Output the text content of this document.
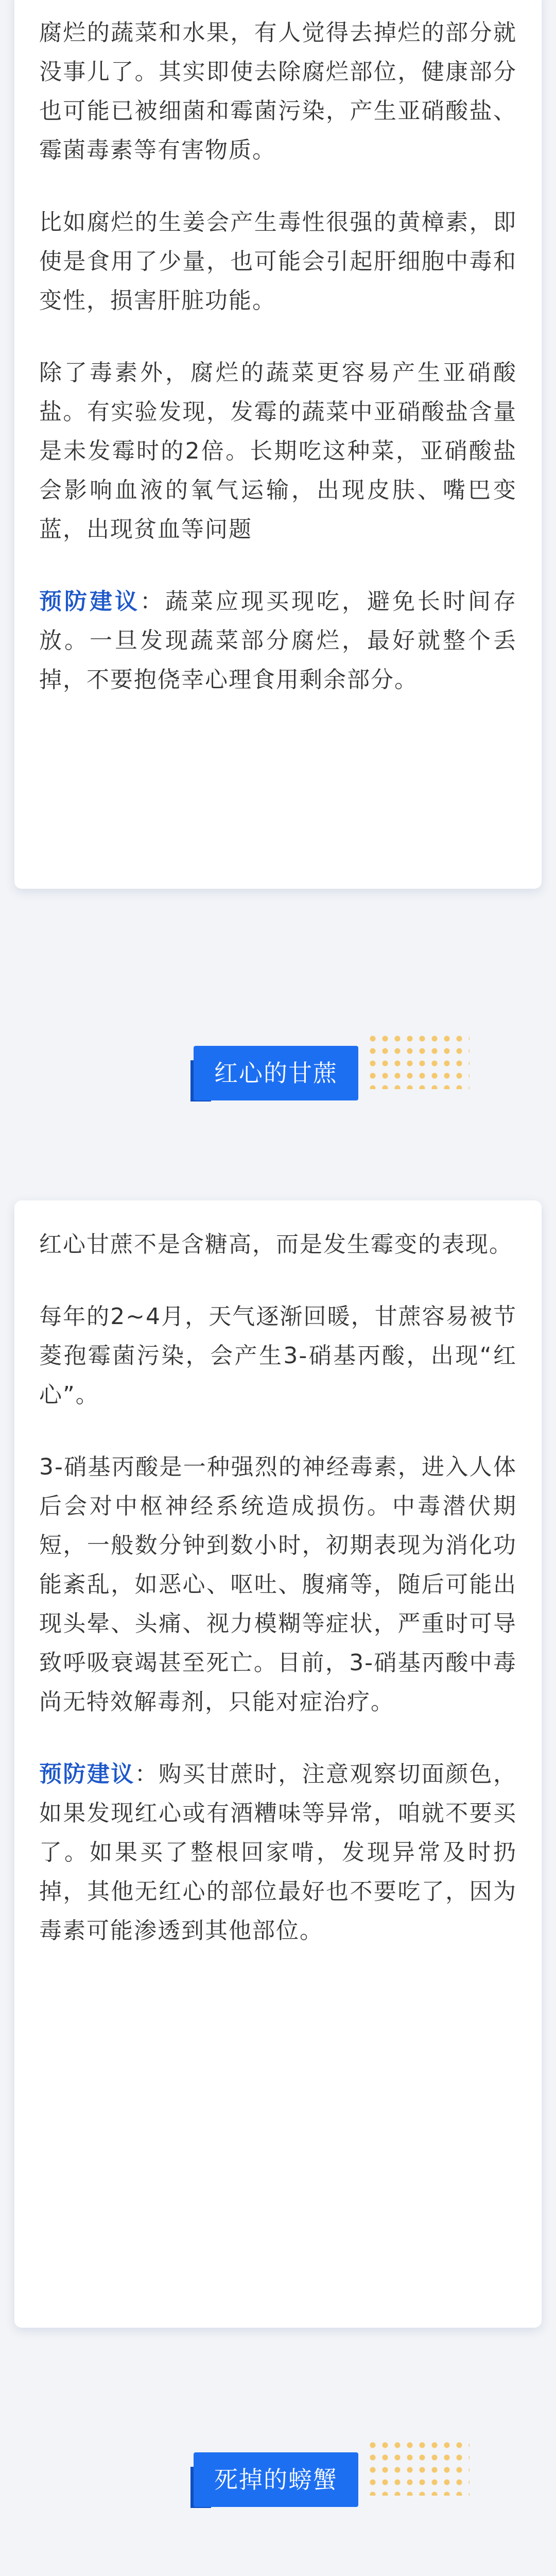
腐烂的蔬菜和水果，有人觉得去掉烂的部分就没事儿了。其实即使去除腐烂部位，健康部分也可能已被细菌和霉菌污染，产生亚硝酸盐、霉菌毒素等有害物质。

比如腐烂的生姜会产生毒性很强的黄樟素，即使是食用了少量，也可能会引起肝细胞中毒和变性，损害肝脏功能。

除了毒素外，腐烂的蔬菜更容易产生亚硝酸盐。有实验发现，发霉的蔬菜中亚硝酸盐含量是未发霉时的2倍。长期吃这种菜，亚硝酸盐会影响血液的氧气运输，出现皮肤、嘴巴变蓝，出现贫血等问题

预防建议：蔬菜应现买现吃，避免长时间存放。一旦发现蔬菜部分腐烂，最好就整个丢掉，不要抱侥幸心理食用剩余部分。

红心的甘蔗

红心甘蔗不是含糖高，而是发生霉变的表现。

每年的2~4月，天气逐渐回暖，甘蔗容易被节菱孢霉菌污染，会产生3-硝基丙酸，出现“红心”。

3-硝基丙酸是一种强烈的神经毒素，进入人体后会对中枢神经系统造成损伤。中毒潜伏期短，一般数分钟到数小时，初期表现为消化功能紊乱，如恶心、呕吐、腹痛等，随后可能出现头晕、头痛、视力模糊等症状，严重时可导致呼吸衰竭甚至死亡。目前，3-硝基丙酸中毒尚无特效解毒剂，只能对症治疗。

预防建议：购买甘蔗时，注意观察切面颜色，如果发现红心或有酒糟味等异常，咱就不要买了。如果买了整根回家啃，发现异常及时扔掉，其他无红心的部位最好也不要吃了，因为毒素可能渗透到其他部位。

死掉的螃蟹
